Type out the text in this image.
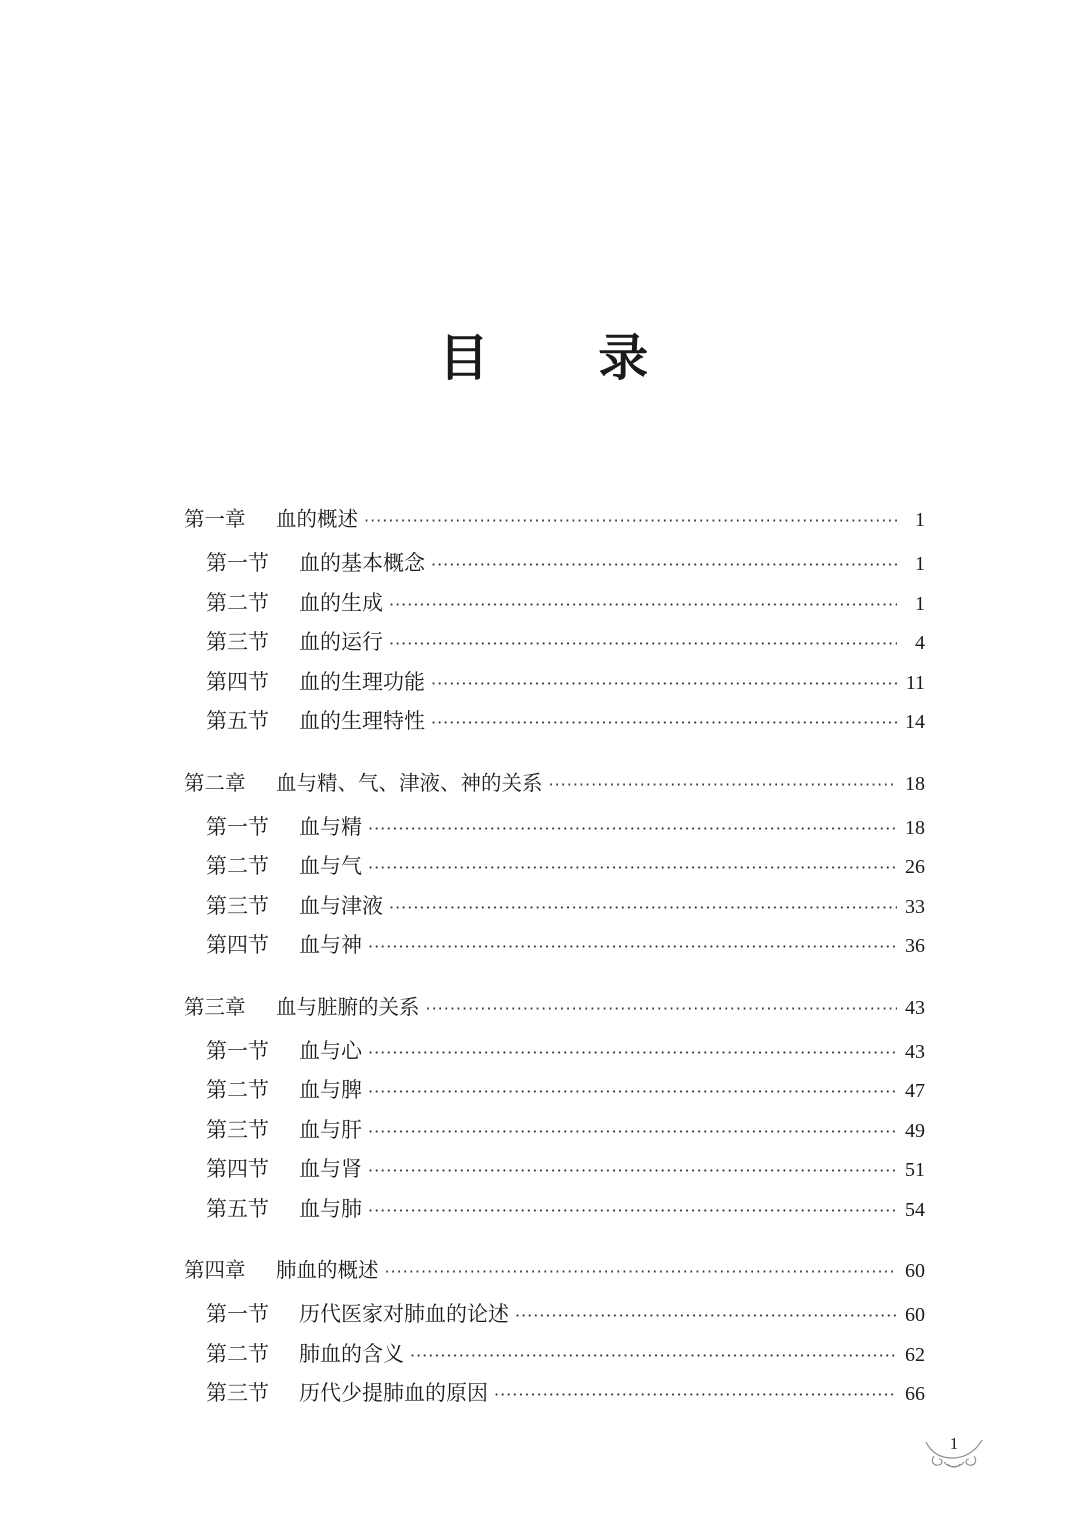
目 录
第一章	血的概述 ·····	1
第一节	血的基本概念 ·····	1
第二节	血的生成 ·····	1
第三节	血的运行 ·····	4
第四节	血的生理功能 ·····	11
第五节	血的生理特性 ·····	14
第二章	血与精、气、津液、神的关系 ·····	18
第一节	血与精 ·····	18
第二节	血与气 ·····	26
第三节	血与津液 ·····	33
第四节	血与神 ·····	36
第三章	血与脏腑的关系 ·····	43
第一节	血与心 ·····	43
第二节	血与脾 ·····	47
第三节	血与肝 ·····	49
第四节	血与肾 ·····	51
第五节	血与肺 ·····	54
第四章	肺血的概述 ·····	60
第一节	历代医家对肺血的论述 ·····	60
第二节	肺血的含义 ·····	62
第三节	历代少提肺血的原因 ·····	66
1
